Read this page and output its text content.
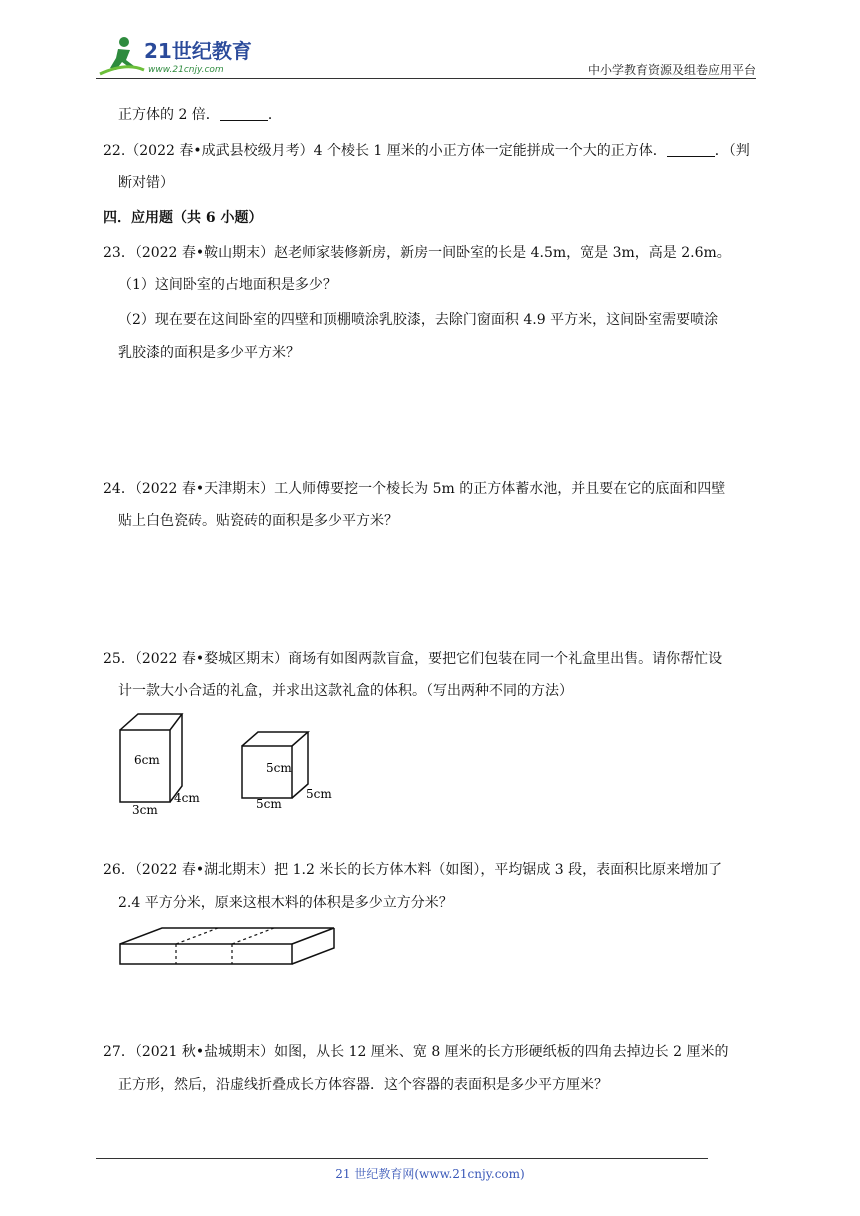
21世纪教育
www.21cnjy.com	中小学教育资源及组卷应用平台
正方体的 2 倍．	．
22.（2022 春•成武县校级月考）4 个棱长 1 厘米的小正方体一定能拼成一个大的正方体．	．（判
断对错）
四．应用题（共 6 小题）
23．（2022 春•鞍山期末）赵老师家装修新房，新房一间卧室的长是 4.5m，宽是 3m，高是 2.6m。
（1）这间卧室的占地面积是多少？
（2）现在要在这间卧室的四壁和顶棚喷涂乳胶漆，去除门窗面积 4.9 平方米，这间卧室需要喷涂
乳胶漆的面积是多少平方米？
24．（2022 春•天津期末）工人师傅要挖一个棱长为 5m 的正方体蓄水池，并且要在它的底面和四壁
贴上白色瓷砖。贴瓷砖的面积是多少平方米？
25．（2022 春•婺城区期末）商场有如图两款盲盒，要把它们包装在同一个礼盒里出售。请你帮忙设
计一款大小合适的礼盒，并求出这款礼盒的体积。（写出两种不同的方法）
6cm
4cm
3cm
5cm
5cm
5cm
26．（2022 春•湖北期末）把 1.2 米长的长方体木料（如图），平均锯成 3 段，表面积比原来增加了
2.4 平方分米，原来这根木料的体积是多少立方分米？
27．（2021 秋•盐城期末）如图，从长 12 厘米、宽 8 厘米的长方形硬纸板的四角去掉边长 2 厘米的
正方形，然后，沿虚线折叠成长方体容器．这个容器的表面积是多少平方厘米？
21 世纪教育网(www.21cnjy.com)
